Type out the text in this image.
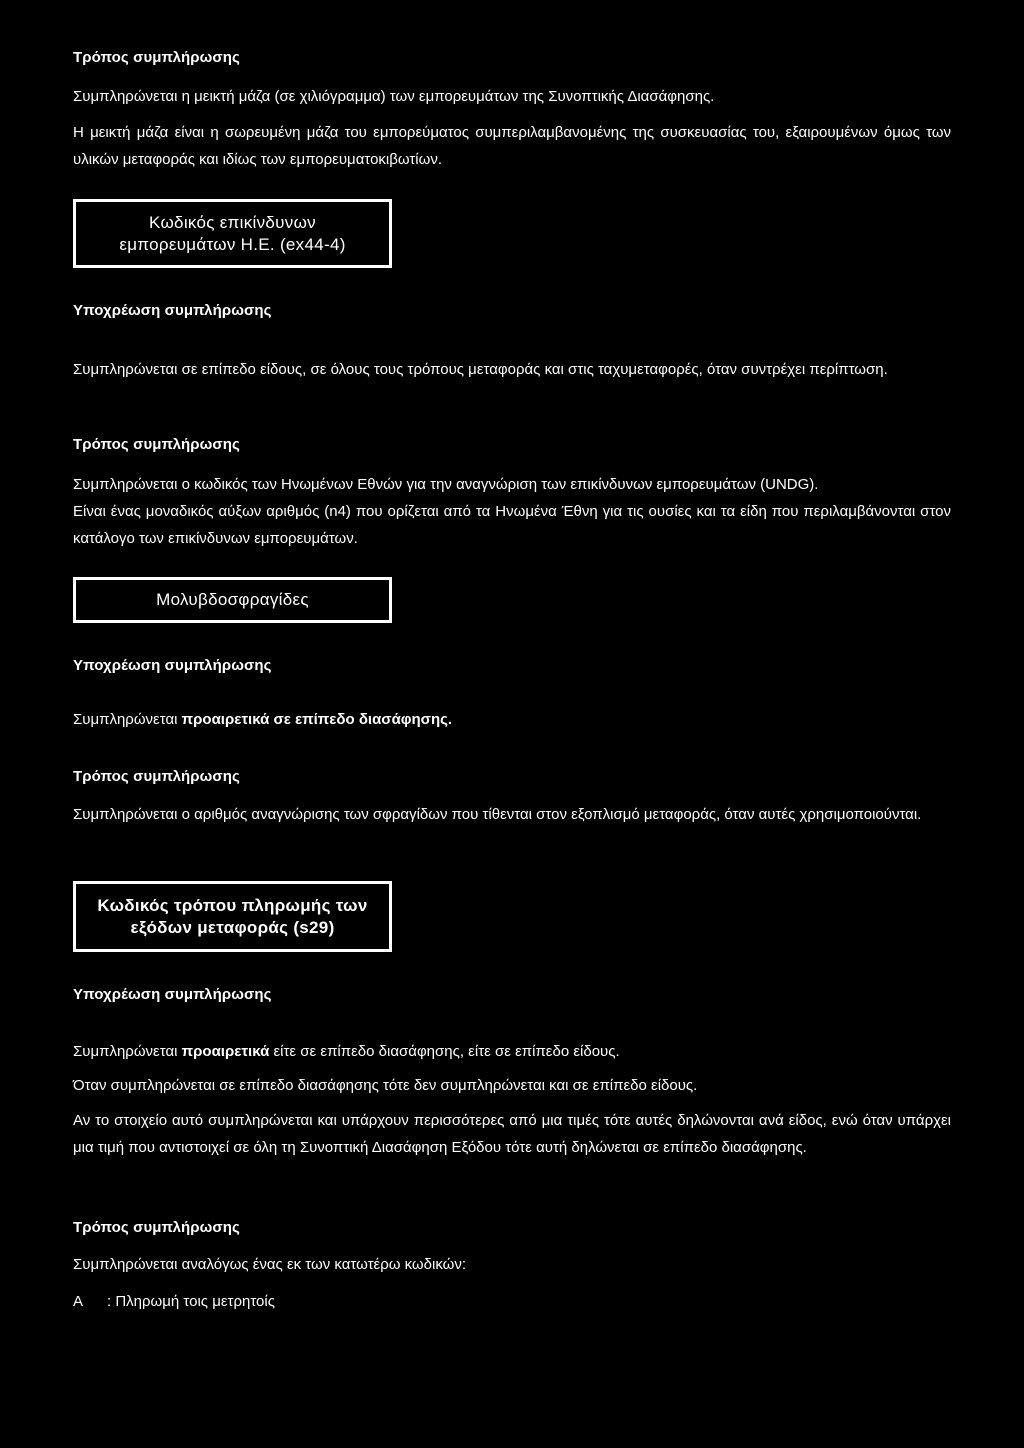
Τρόπος συμπλήρωσης
Συμπληρώνεται η μεικτή μάζα (σε χιλιόγραμμα) των εμπορευμάτων της Συνοπτικής Διασάφησης.
Η μεικτή μάζα είναι η σωρευμένη μάζα του εμπορεύματος συμπεριλαμβανομένης της συσκευασίας του, εξαιρουμένων όμως των υλικών μεταφοράς και ιδίως των εμπορευματοκιβωτίων.
Κωδικός επικίνδυνων
εμπορευμάτων Η.Ε. (ex44-4)
Υποχρέωση συμπλήρωσης
Συμπληρώνεται σε επίπεδο είδους, σε όλους τους τρόπους μεταφοράς και στις ταχυμεταφορές, όταν συντρέχει περίπτωση.
Τρόπος συμπλήρωσης
Συμπληρώνεται ο κωδικός των Ηνωμένων Εθνών για την αναγνώριση των επικίνδυνων εμπορευμάτων (UNDG).
Είναι ένας μοναδικός αύξων αριθμός (n4) που ορίζεται από τα Ηνωμένα Έθνη για τις ουσίες και τα είδη που περιλαμβάνονται στον κατάλογο των επικίνδυνων εμπορευμάτων.
Μολυβδοσφραγίδες
Υποχρέωση συμπλήρωσης
Συμπληρώνεται προαιρετικά σε επίπεδο διασάφησης.
Τρόπος συμπλήρωσης
Συμπληρώνεται ο αριθμός αναγνώρισης των σφραγίδων που τίθενται στον εξοπλισμό μεταφοράς, όταν αυτές χρησιμοποιούνται.
Κωδικός τρόπου πληρωμής των
εξόδων μεταφοράς (s29)
Υποχρέωση συμπλήρωσης
Συμπληρώνεται προαιρετικά είτε σε επίπεδο διασάφησης, είτε σε επίπεδο είδους.
Όταν συμπληρώνεται σε επίπεδο διασάφησης τότε δεν συμπληρώνεται και σε επίπεδο είδους.
Αν το στοιχείο αυτό συμπληρώνεται και υπάρχουν περισσότερες από μια τιμές τότε αυτές δηλώνονται ανά είδος, ενώ όταν υπάρχει μια τιμή που αντιστοιχεί σε όλη τη Συνοπτική Διασάφηση Εξόδου τότε αυτή δηλώνεται σε επίπεδο διασάφησης.
Τρόπος συμπλήρωσης
Συμπληρώνεται αναλόγως ένας εκ των κατωτέρω κωδικών:
A : Πληρωμή τοις μετρητοίς
